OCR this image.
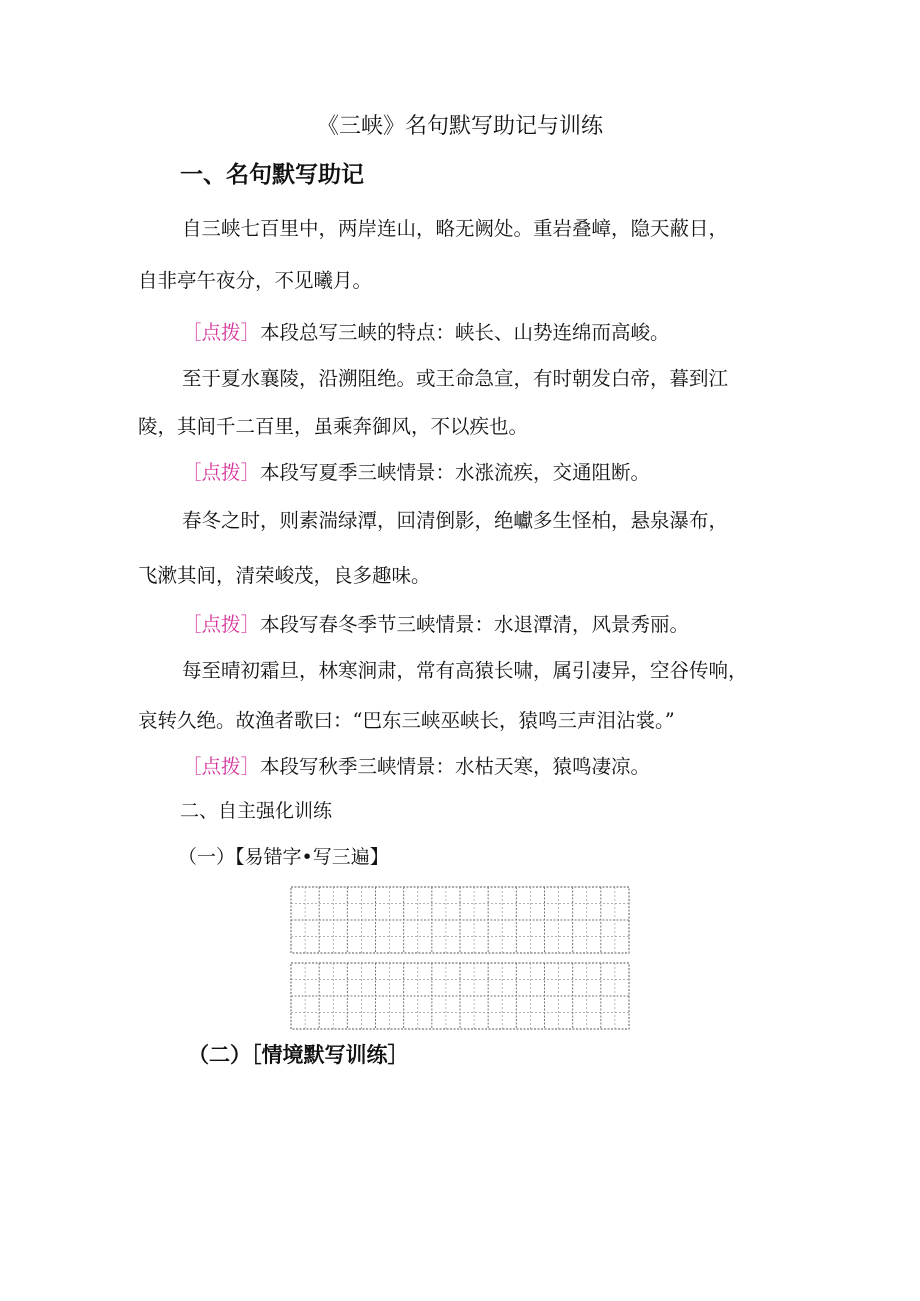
《三峡》名句默写助记与训练
一、名句默写助记
自三峡七百里中，两岸连山，略无阙处。重岩叠嶂，隐天蔽日，
自非亭午夜分，不见曦月。
［点拨］本段总写三峡的特点：峡长、山势连绵而高峻。
至于夏水襄陵，沿溯阻绝。或王命急宣，有时朝发白帝，暮到江
陵，其间千二百里，虽乘奔御风，不以疾也。
［点拨］本段写夏季三峡情景：水涨流疾，交通阻断。
春冬之时，则素湍绿潭，回清倒影，绝巘多生怪柏，悬泉瀑布，
飞漱其间，清荣峻茂，良多趣味。
［点拨］本段写春冬季节三峡情景：水退潭清，风景秀丽。
每至晴初霜旦，林寒涧肃，常有高猿长啸，属引凄异，空谷传响，
哀转久绝。故渔者歌曰：“巴东三峡巫峡长，猿鸣三声泪沾裳。”
［点拨］本段写秋季三峡情景：水枯天寒，猿鸣凄凉。
二、自主强化训练
（一）【易错字•写三遍】
（二）［情境默写训练］
